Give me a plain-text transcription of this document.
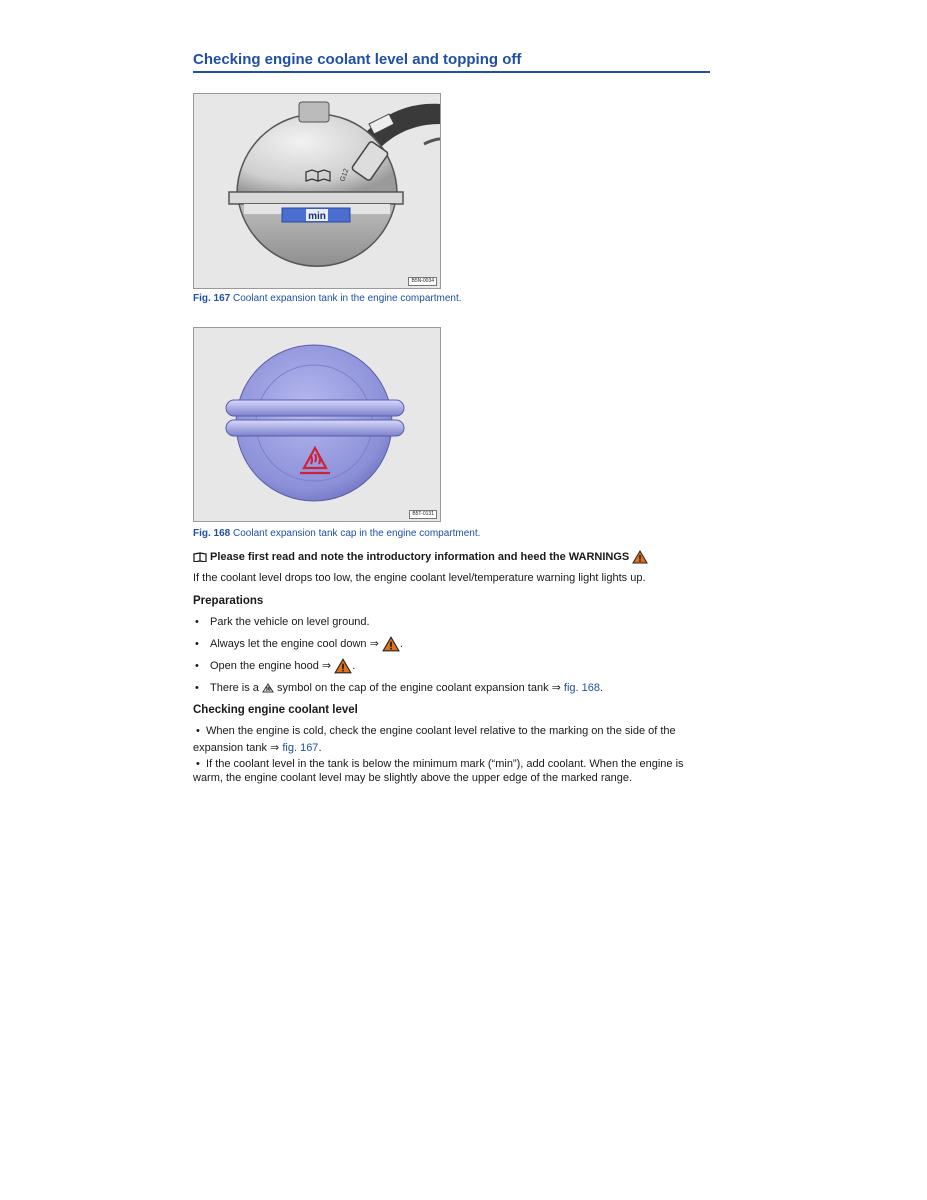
Checking engine coolant level and topping off
min
G12
B5N-0034
Fig. 167 Coolant expansion tank in the engine compartment.
B5T-0131
Fig. 168 Coolant expansion tank cap in the engine compartment.
Please first read and note the introductory information and heed the WARNINGS
If the coolant level drops too low, the engine coolant level/temperature warning light lights up.
Preparations
• Park the vehicle on level ground.
• Always let the engine cool down ⇒
.
• Open the engine hood ⇒
.
• There is a

symbol on the cap of the engine coolant expansion tank ⇒
fig. 168 .
Checking engine coolant level
•  When the engine is cold, check the engine coolant level relative to the marking on the side of the
expansion tank ⇒ fig. 167.
•  If the coolant level in the tank is below the minimum mark (“min”), add coolant. When the engine is warm, the engine coolant level may be slightly above the upper edge of the marked range.
